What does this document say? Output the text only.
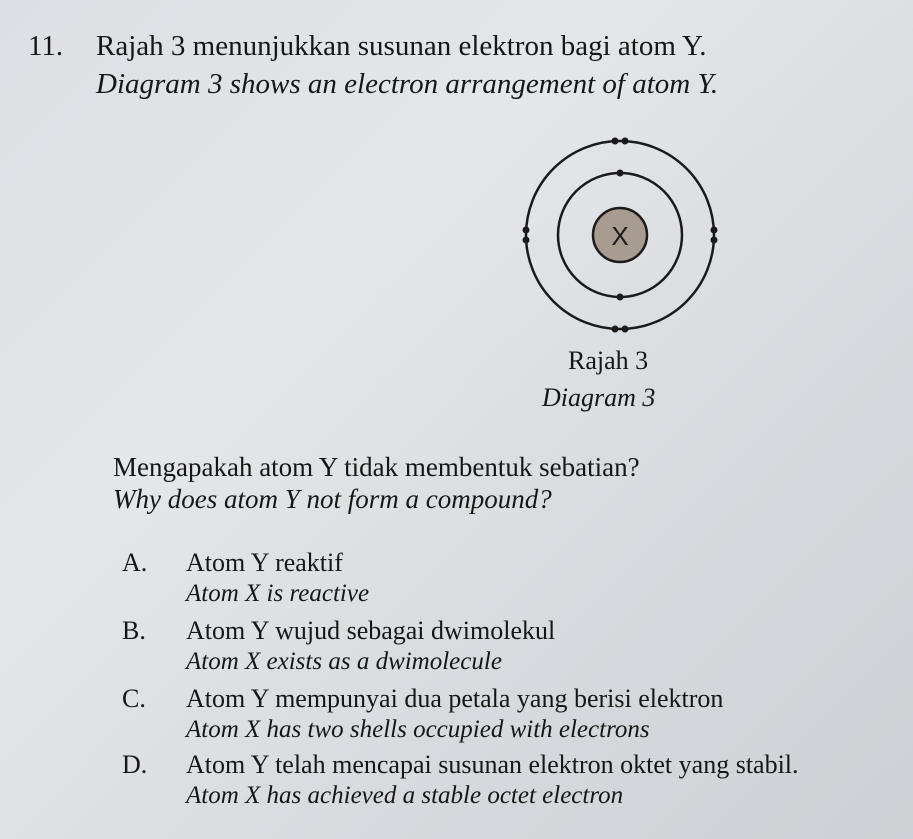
11. Rajah 3 menunjukkan susunan elektron bagi atom Y.
Diagram 3 shows an electron arrangement of atom Y.
X
Rajah 3
Diagram 3
Mengapakah atom Y tidak membentuk sebatian?
Why does atom Y not form a compound?
A. Atom Y reaktif
Atom X is reactive
B. Atom Y wujud sebagai dwimolekul
Atom X exists as a dwimolecule
C. Atom Y mempunyai dua petala yang berisi elektron
Atom X has two shells occupied with electrons
D. Atom Y telah mencapai susunan elektron oktet yang stabil.
Atom X has achieved a stable octet electron
